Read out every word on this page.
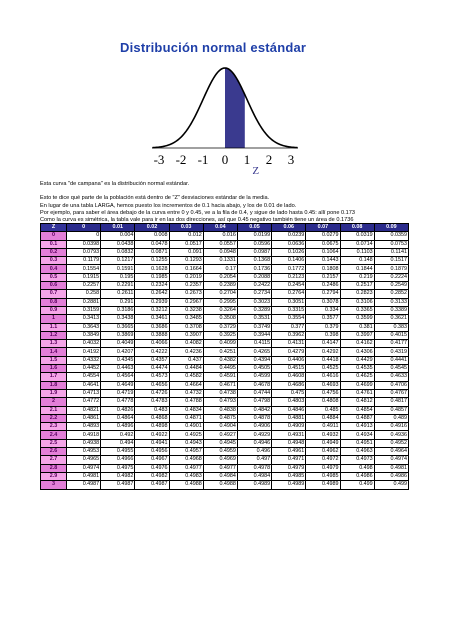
Distribución normal estándar
-3 -2 -1 0 1 2 3
Z
Z	0	0.01	0.02	0.03	0.04	0.05	0.06	0.07	0.08	0.09
0	0	0.004	0.008	0.012	0.016	0.0199	0.0239	0.0279	0.0319	0.0359
0.1	0.0398	0.0438	0.0478	0.0517	0.0557	0.0596	0.0636	0.0675	0.0714	0.0753
0.2	0.0793	0.0832	0.0871	0.091	0.0948	0.0987	0.1026	0.1064	0.1103	0.1141
0.3	0.1179	0.1217	0.1255	0.1293	0.1331	0.1368	0.1406	0.1443	0.148	0.1517
0.4	0.1554	0.1591	0.1628	0.1664	0.17	0.1736	0.1772	0.1808	0.1844	0.1879
0.5	0.1915	0.195	0.1985	0.2019	0.2054	0.2088	0.2123	0.2157	0.219	0.2224
0.6	0.2257	0.2291	0.2324	0.2357	0.2389	0.2422	0.2454	0.2486	0.2517	0.2549
0.7	0.258	0.2611	0.2642	0.2673	0.2704	0.2734	0.2764	0.2794	0.2823	0.2852
0.8	0.2881	0.291	0.2939	0.2967	0.2995	0.3023	0.3051	0.3078	0.3106	0.3133
0.9	0.3159	0.3186	0.3212	0.3238	0.3264	0.3289	0.3315	0.334	0.3365	0.3389
1	0.3413	0.3438	0.3461	0.3485	0.3508	0.3531	0.3554	0.3577	0.3599	0.3621
1.1	0.3643	0.3665	0.3686	0.3708	0.3729	0.3749	0.377	0.379	0.381	0.383
1.2	0.3849	0.3869	0.3888	0.3907	0.3925	0.3944	0.3962	0.398	0.3997	0.4015
1.3	0.4032	0.4049	0.4066	0.4082	0.4099	0.4115	0.4131	0.4147	0.4162	0.4177
1.4	0.4192	0.4207	0.4222	0.4236	0.4251	0.4265	0.4279	0.4292	0.4306	0.4319
1.5	0.4332	0.4345	0.4357	0.437	0.4382	0.4394	0.4406	0.4418	0.4429	0.4441
1.6	0.4452	0.4463	0.4474	0.4484	0.4495	0.4505	0.4515	0.4525	0.4535	0.4545
1.7	0.4554	0.4564	0.4573	0.4582	0.4591	0.4599	0.4608	0.4616	0.4625	0.4633
1.8	0.4641	0.4649	0.4656	0.4664	0.4671	0.4678	0.4686	0.4693	0.4699	0.4706
1.9	0.4713	0.4719	0.4726	0.4732	0.4738	0.4744	0.475	0.4756	0.4761	0.4767
2	0.4772	0.4778	0.4783	0.4788	0.4793	0.4798	0.4803	0.4808	0.4812	0.4817
2.1	0.4821	0.4826	0.483	0.4834	0.4838	0.4842	0.4846	0.485	0.4854	0.4857
2.2	0.4861	0.4864	0.4868	0.4871	0.4875	0.4878	0.4881	0.4884	0.4887	0.489
2.3	0.4893	0.4896	0.4898	0.4901	0.4904	0.4906	0.4909	0.4911	0.4913	0.4916
2.4	0.4918	0.492	0.4922	0.4925	0.4927	0.4929	0.4931	0.4932	0.4934	0.4936
2.5	0.4938	0.494	0.4941	0.4943	0.4945	0.4946	0.4948	0.4949	0.4951	0.4952
2.6	0.4953	0.4955	0.4956	0.4957	0.4959	0.496	0.4961	0.4962	0.4963	0.4964
2.7	0.4965	0.4966	0.4967	0.4968	0.4969	0.497	0.4971	0.4972	0.4973	0.4974
2.8	0.4974	0.4975	0.4976	0.4977	0.4977	0.4978	0.4979	0.4979	0.498	0.4981
2.9	0.4981	0.4982	0.4982	0.4983	0.4984	0.4984	0.4985	0.4985	0.4986	0.4986
3	0.4987	0.4987	0.4987	0.4988	0.4988	0.4989	0.4989	0.4989	0.499	0.499
Esta curva "de campana" es la distribución normal estándar.
Esto te dice qué parte de la población está dentro de "Z" desviaciones estándar de la media.
En lugar de una tabla LARGA, hemos puesto los incrementos de 0.1 hacia abajo, y los de 0.01 de lado.
Por ejemplo, para saber el área debajo de la curva entre 0 y 0.45, ve a la fila de 0.4, y sigue de lado hasta 0.45: allí pone 0.173
Como la curva es simétrica, la tabla vale para ir en las dos direcciones, así que 0.45 negativo también tiene un área de 0.1736
